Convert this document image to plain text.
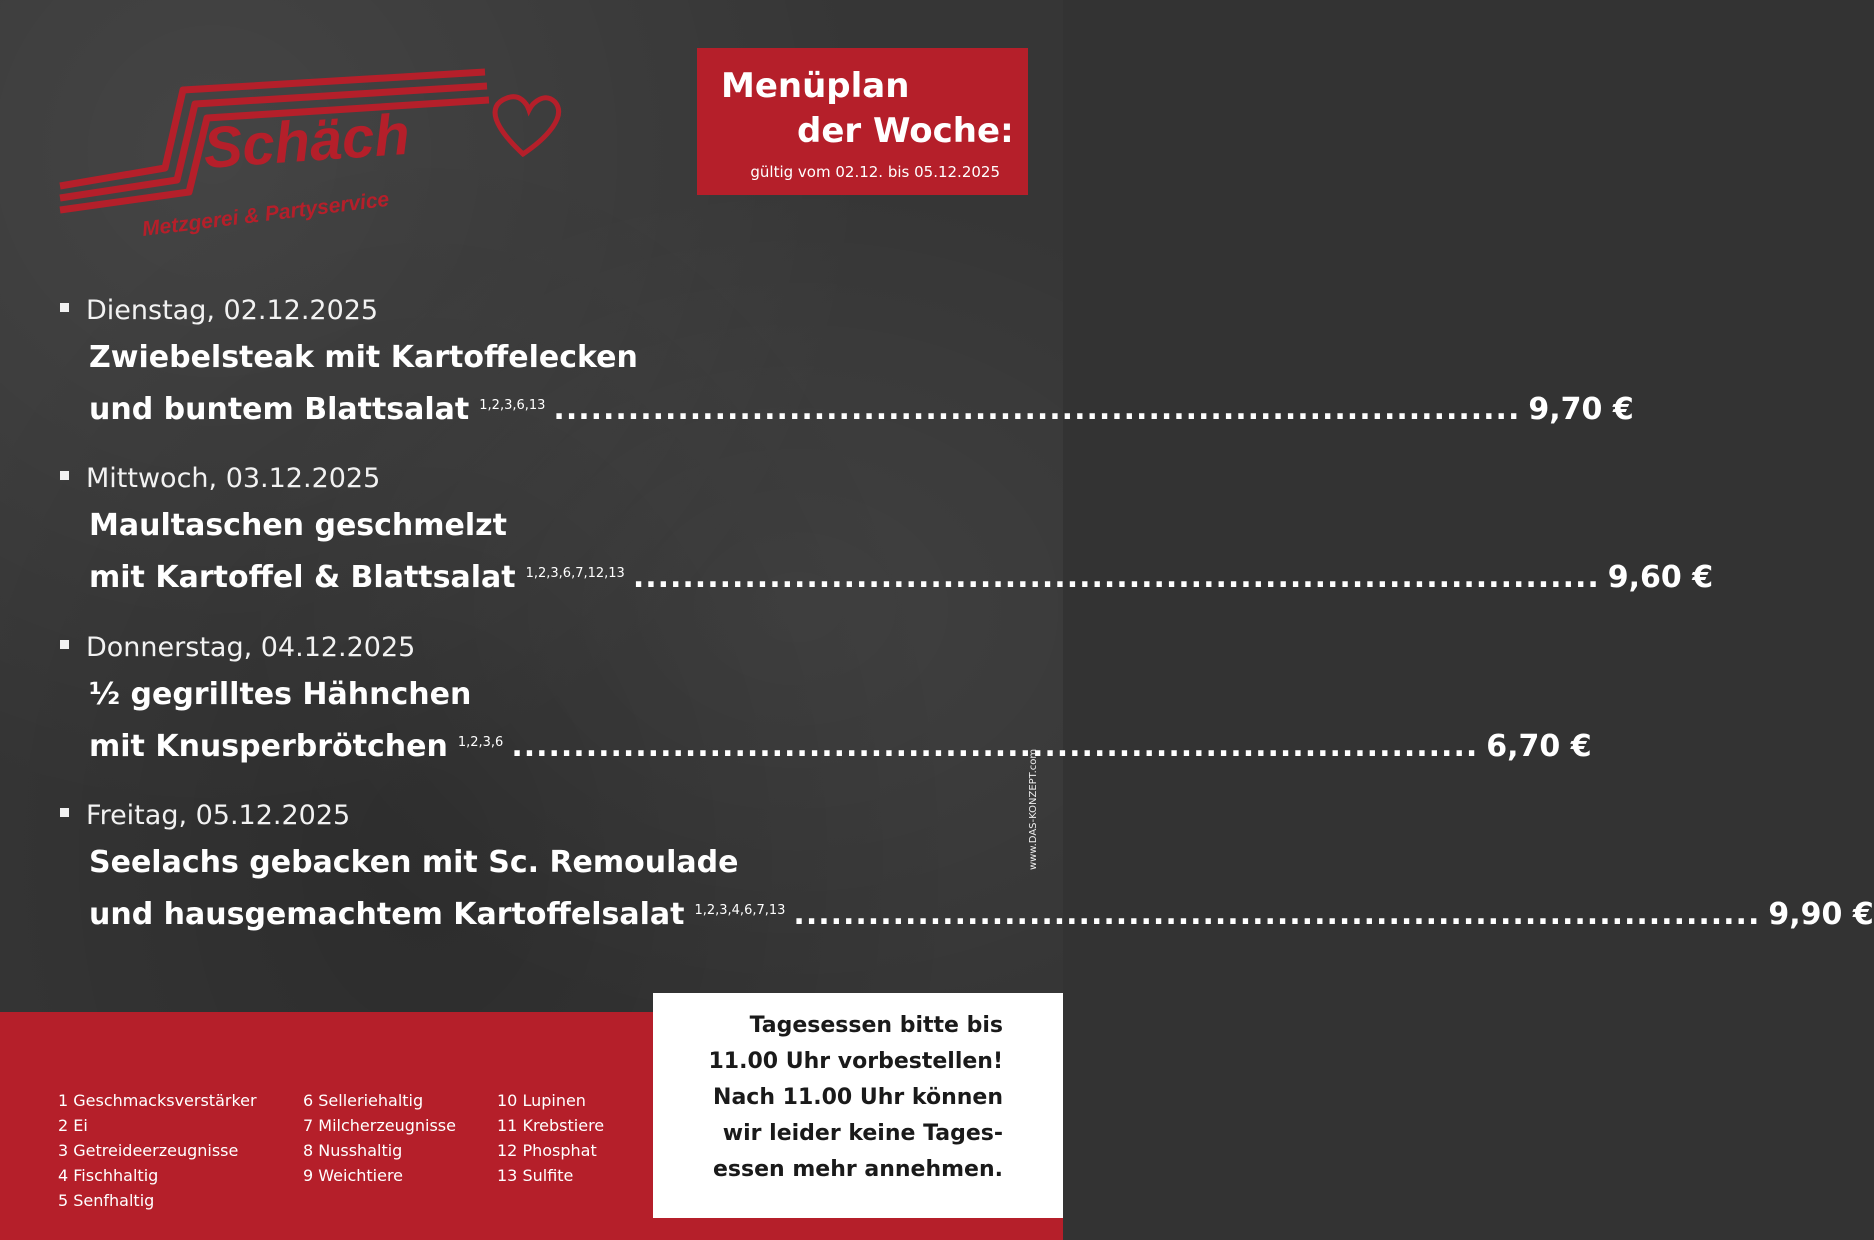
Schäch
Metzgerei & Partyservice
Menüplan
der Woche:
gültig vom 02.12. bis 05.12.2025
Dienstag, 02.12.2025
Zwiebelsteak mit Kartoffelecken
und buntem Blattsalat $^{1,2,3,6,13}$ .............................................................................. 9,70 €
Mittwoch, 03.12.2025
Maultaschen geschmelzt
mit Kartoffel & Blattsalat $^{1,2,3,6,7,12,13}$ .............................................................................. 9,60 €
Donnerstag, 04.12.2025
½ gegrilltes Hähnchen
mit Knusperbrötchen $^{1,2,3,6}$ .............................................................................. 6,70 €
Freitag, 05.12.2025
Seelachs gebacken mit Sc. Remoulade
und hausgemachtem Kartoffelsalat $^{1,2,3,4,6,7,13}$ .............................................................................. 9,90 €
www.DAS-KONZEPT.com
1 Geschmacksverstärker
2 Ei
3 Getreideerzeugnisse
4 Fischhaltig
5 Senfhaltig
6 Selleriehaltig
7 Milcherzeugnisse
8 Nusshaltig
9 Weichtiere
10 Lupinen
11 Krebstiere
12 Phosphat
13 Sulfite
Tagesessen bitte bis
11.00 Uhr vorbestellen!
Nach 11.00 Uhr können
wir leider keine Tages-
essen mehr annehmen.
